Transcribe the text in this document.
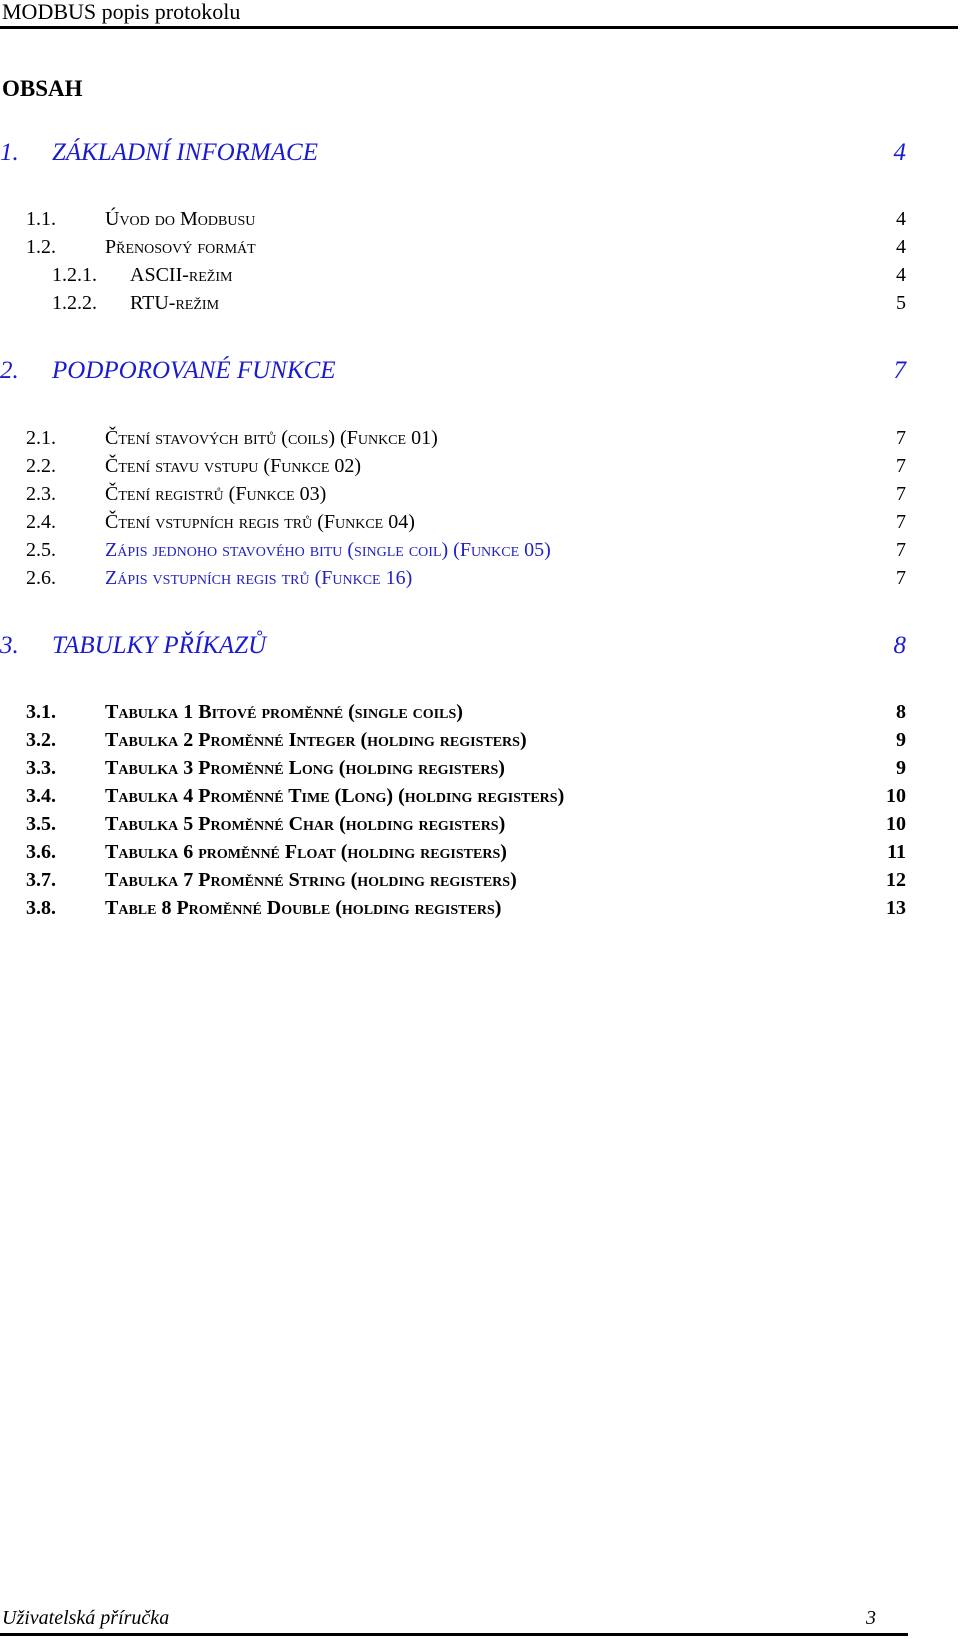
MODBUS popis protokolu
OBSAH
1. ZÁKLADNÍ INFORMACE	4
1.1. Úvod do Modbusu	4
1.2. Přenosový formát	4
1.2.1. ASCII-režim	4
1.2.2. RTU-režim	5
2. PODPOROVANÉ FUNKCE	7
2.1. Čtení stavových bitů (coils) (Funkce 01)	7
2.2. Čtení stavu vstupu (Funkce 02)	7
2.3. Čtení registrů (Funkce 03)	7
2.4. Čtení vstupních regis trů (Funkce 04)	7
2.5. Zápis jednoho stavového bitu (single coil) (Funkce 05)	7
2.6. Zápis vstupních regis trů (Funkce 16)	7
3. TABULKY PŘÍKAZŮ	8
3.1. Tabulka 1 Bitové proměnné (single coils)	8
3.2. Tabulka 2 Proměnné Integer (holding registers)	9
3.3. Tabulka 3 Proměnné Long (holding registers)	9
3.4. Tabulka 4 Proměnné Time (Long) (holding registers)	10
3.5. Tabulka 5 Proměnné Char (holding registers)	10
3.6. Tabulka 6 proměnné Float (holding registers)	11
3.7. Tabulka 7 Proměnné String (holding registers)	12
3.8. Table 8 Proměnné Double (holding registers)	13
Uživatelská příručka	3
